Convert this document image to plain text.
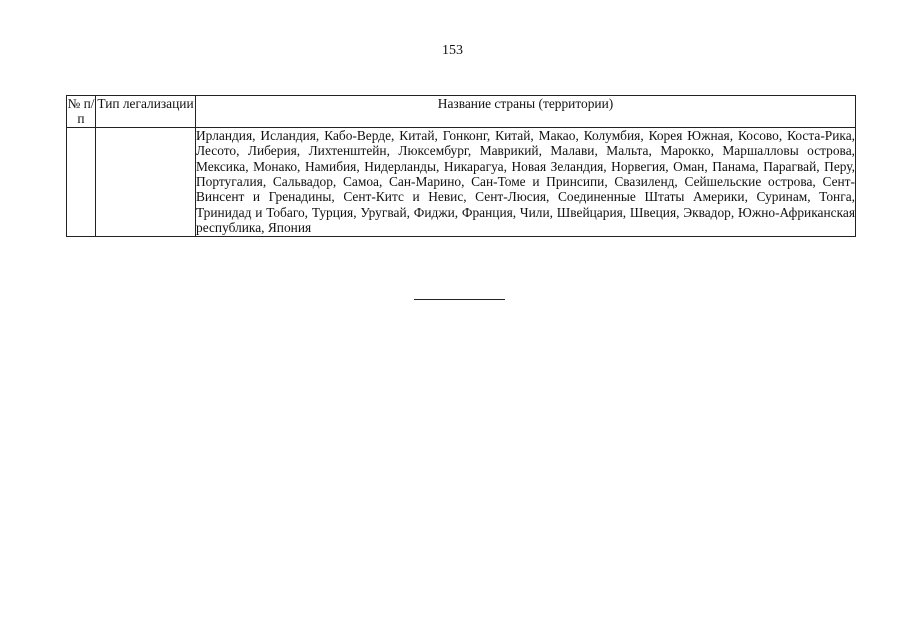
153
№ п/п	Тип легализации	Название страны (территории)
		Ирландия, Исландия, Кабо-Верде, Китай, Гонконг, Китай, Макао, Колумбия, Корея Южная, Косово, Коста-Рика, Лесото, Либерия, Лихтенштейн, Люксембург, Маврикий, Малави, Мальта, Марокко, Маршалловы острова, Мексика, Монако, Намибия, Нидерланды, Никарагуа, Новая Зеландия, Норвегия, Оман, Панама, Парагвай, Перу, Португалия, Сальвадор, Самоа, Сан-Марино, Сан-Томе и Принсипи, Свазиленд, Сейшельские острова, Сент-Винсент и Гренадины, Сент-Китс и Невис, Сент-Люсия, Соединенные Штаты Америки, Суринам, Тонга, Тринидад и Тобаго, Турция, Уругвай, Фиджи, Франция, Чили, Швейцария, Швеция, Эквадор, Южно-Африканская республика, Япония
